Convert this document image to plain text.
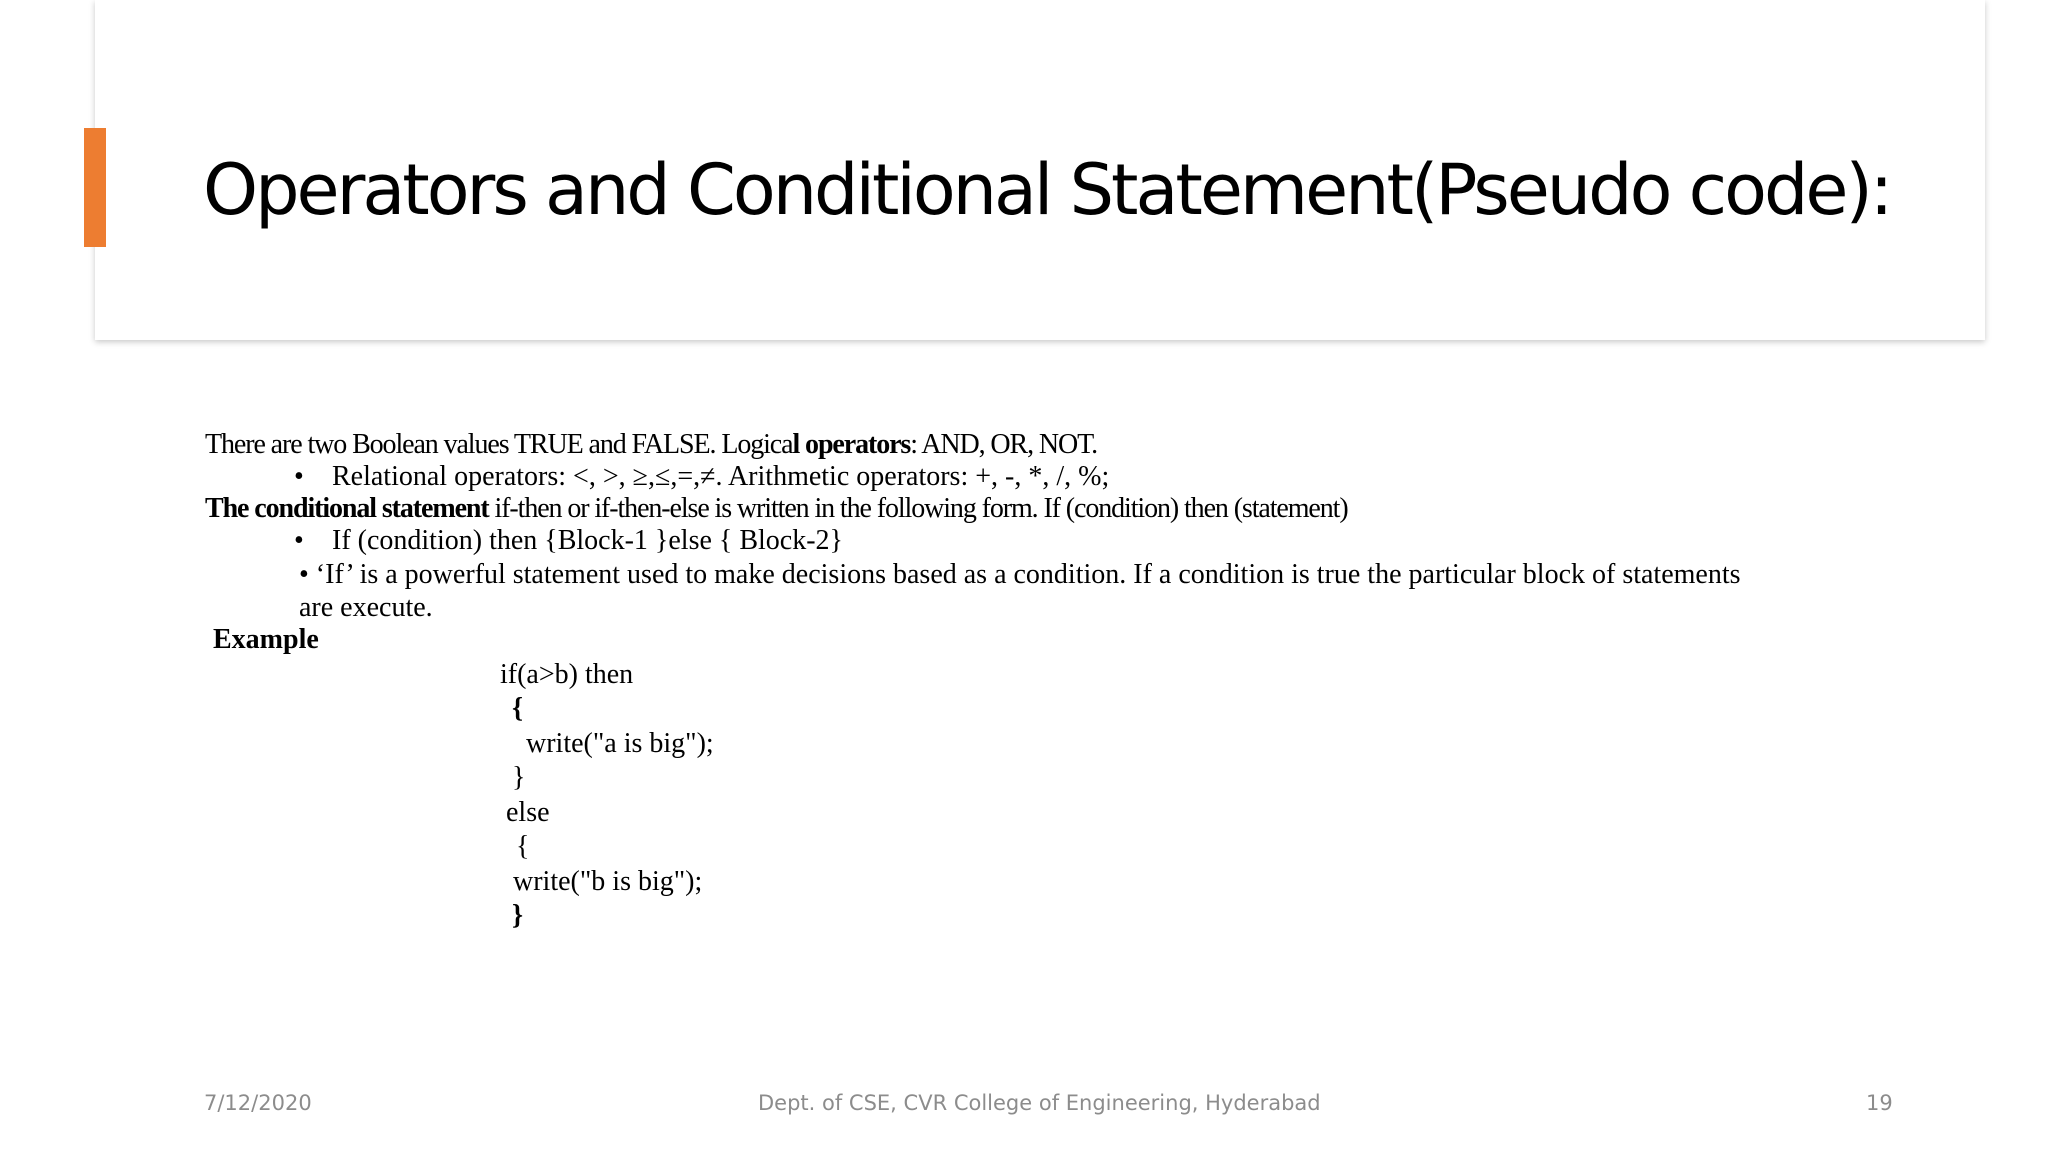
Operators and Conditional Statement(Pseudo code):
There are two Boolean values TRUE and FALSE. Logical operators: AND, OR, NOT.
• Relational operators: <, >, ≥,≤,=,≠. Arithmetic operators: +, -, *, /, %;
The conditional statement if-then or if-then-else is written in the following form. If (condition) then (statement)
• If (condition) then {Block-1 }else { Block-2}
• ‘If’ is a powerful statement used to make decisions based as a condition. If a condition is true the particular block of statements
are execute.
Example
if(a>b) then
{
write("a is big");
}
else
{
write("b is big");
}
7/12/2020	Dept. of CSE, CVR College of Engineering, Hyderabad	19
